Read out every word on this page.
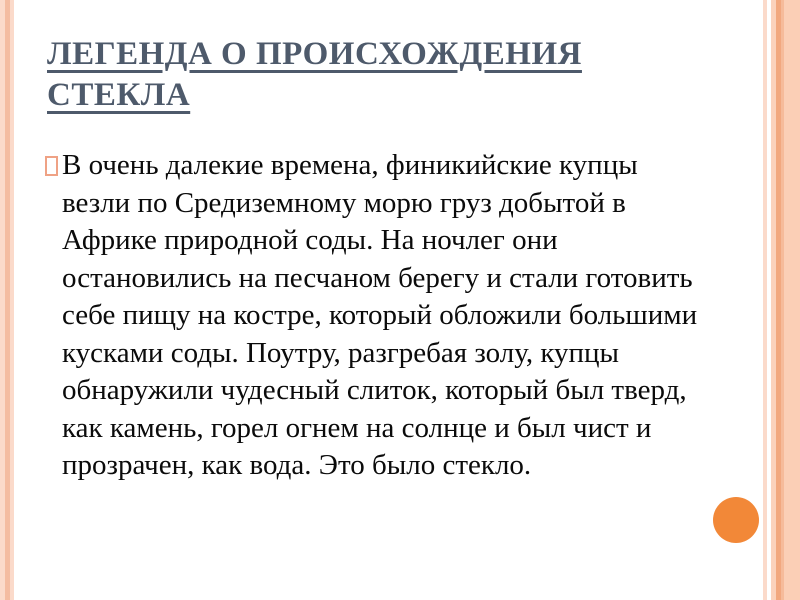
ЛЕГЕНДА О ПРОИСХОЖДЕНИЯ
СТЕКЛА

В очень далекие времена, финикийские купцы везли по Средиземному морю груз добытой в Африке природной соды. На ночлег они остановились на песчаном берегу и стали готовить себе пищу на костре, который обложили большими кусками соды. Поутру, разгребая золу, купцы обнаружили чудесный слиток, который был тверд, как камень, горел огнем на солнце и был чист и прозрачен, как вода. Это было стекло.
